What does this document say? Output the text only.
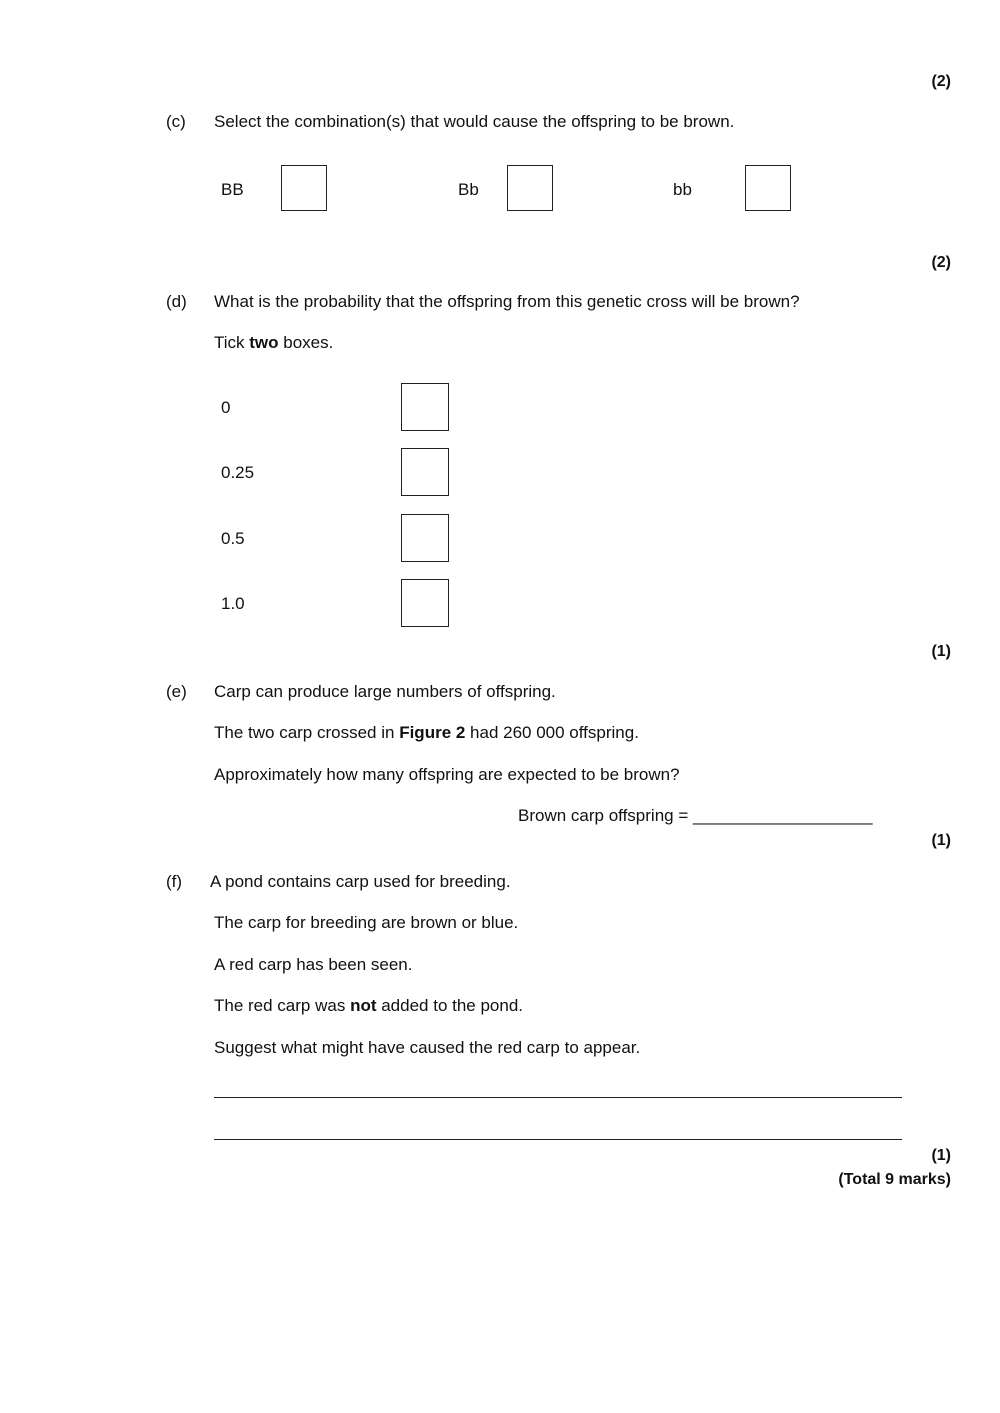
(2)
(c) Select the combination(s) that would cause the offspring to be brown.
BB	Bb	bb
(2)
(d) What is the probability that the offspring from this genetic cross will be brown?
Tick two boxes.
0
0.25
0.5
1.0
(1)
(e) Carp can produce large numbers of offspring.
The two carp crossed in Figure 2 had 260 000 offspring.
Approximately how many offspring are expected to be brown?
Brown carp offspring = ___________________
(1)
(f) A pond contains carp used for breeding.
The carp for breeding are brown or blue.
A red carp has been seen.
The red carp was not added to the pond.
Suggest what might have caused the red carp to appear.
(1)
(Total 9 marks)
